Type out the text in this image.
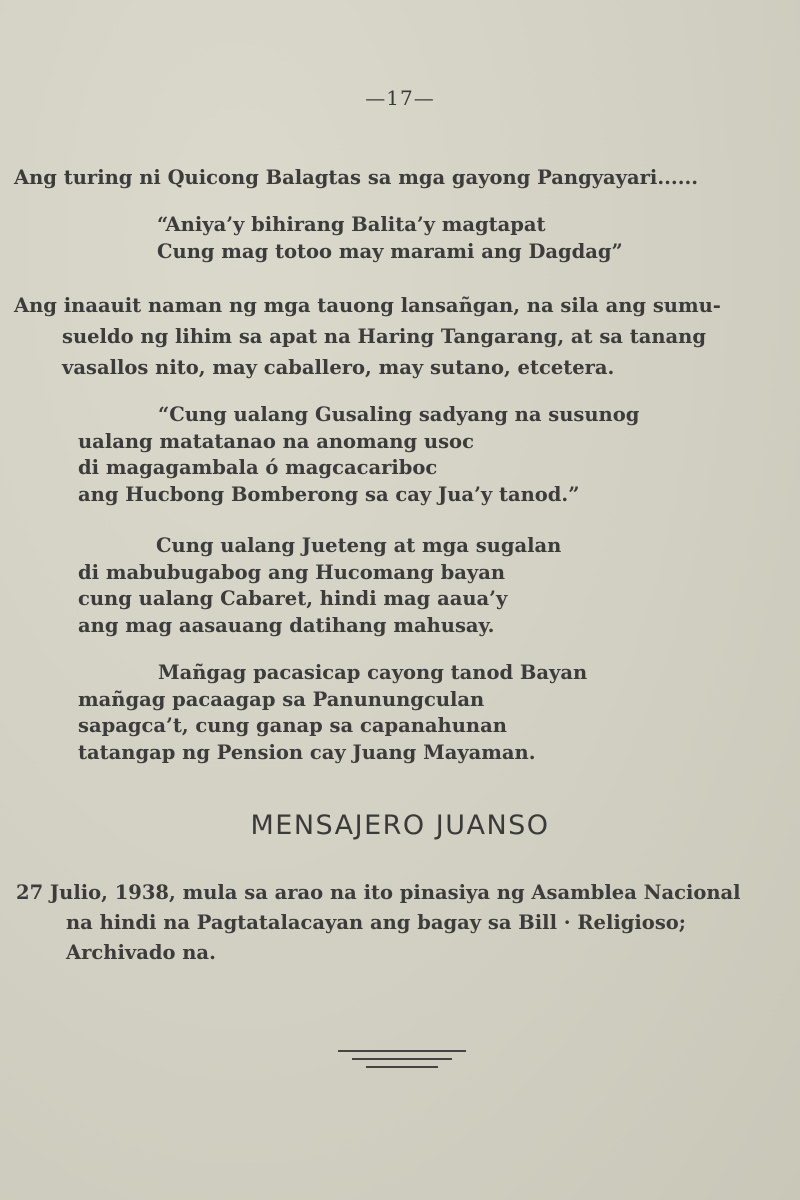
—17—

Ang turing ni Quicong Balagtas sa mga gayong Pangyayari......

“Aniya’y bihirang Balita’y magtapat
Cung mag totoo may marami ang Dagdag”
Ang inaauit naman ng mga tauong lansañgan, na sila ang sumu-
sueldo ng lihim sa apat na Haring Tangarang, at sa tanang
vasallos nito, may caballero, may sutano, etcetera.
“Cung ualang Gusaling sadyang na susunog
ualang matatanao na anomang usoc
di magagambala ó magcacariboc
ang Hucbong Bomberong sa cay Jua’y tanod.”
Cung ualang Jueteng at mga sugalan
di mabubugabog ang Hucomang bayan
cung ualang Cabaret, hindi mag aaua’y
ang mag aasauang datihang mahusay.
Mañgag pacasicap cayong tanod Bayan
mañgag pacaagap sa Panunungculan
sapagca’t, cung ganap sa capanahunan
tatangap ng Pension cay Juang Mayaman.
MENSAJERO JUANSO
27 Julio, 1938, mula sa arao na ito pinasiya ng Asamblea Nacional
na hindi na Pagtatalacayan ang bagay sa Bill · Religioso;
Archivado na.
